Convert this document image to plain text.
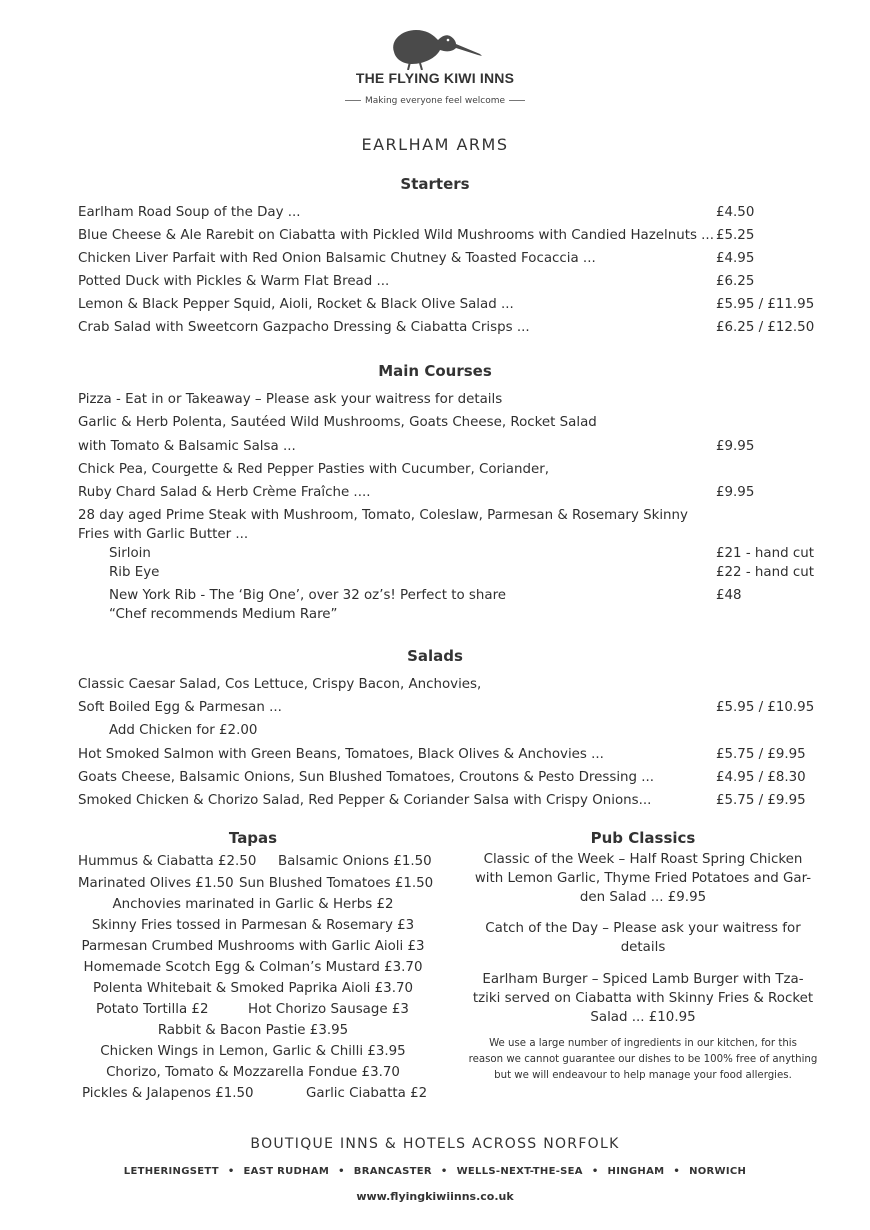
THE FLYING KIWI INNS
Making everyone feel welcome
EARLHAM ARMS
Starters
Earlham Road Soup of the Day ...	£4.50
Blue Cheese & Ale Rarebit on Ciabatta with Pickled Wild Mushrooms with Candied Hazelnuts ... £5.25
Chicken Liver Parfait with Red Onion Balsamic Chutney & Toasted Focaccia ...	£4.95
Potted Duck with Pickles & Warm Flat Bread ...	£6.25
Lemon & Black Pepper Squid, Aioli, Rocket & Black Olive Salad ...	£5.95 / £11.95
Crab Salad with Sweetcorn Gazpacho Dressing & Ciabatta Crisps ...	£6.25 / £12.50
Main Courses
Pizza - Eat in or Takeaway – Please ask your waitress for details
Garlic & Herb Polenta, Sautéed Wild Mushrooms, Goats Cheese, Rocket Salad
with Tomato & Balsamic Salsa ...	£9.95
Chick Pea, Courgette & Red Pepper Pasties with Cucumber, Coriander,
Ruby Chard Salad & Herb Crème Fraîche ....	£9.95
28 day aged Prime Steak with Mushroom, Tomato, Coleslaw, Parmesan & Rosemary Skinny
Fries with Garlic Butter ...
Sirloin	£21 - hand cut
Rib Eye	£22 - hand cut
New York Rib - The ‘Big One’, over 32 oz’s! Perfect to share	£48
“Chef recommends Medium Rare”
Salads
Classic Caesar Salad, Cos Lettuce, Crispy Bacon, Anchovies,
Soft Boiled Egg & Parmesan ...	£5.95 / £10.95
Add Chicken for £2.00
Hot Smoked Salmon with Green Beans, Tomatoes, Black Olives & Anchovies ...	£5.75 / £9.95
Goats Cheese, Balsamic Onions, Sun Blushed Tomatoes, Croutons & Pesto Dressing ...	£4.95 / £8.30
Smoked Chicken & Chorizo Salad, Red Pepper & Coriander Salsa with Crispy Onions...	£5.75 / £9.95
Tapas
Hummus & Ciabatta £2.50 Balsamic Onions £1.50
Marinated Olives £1.50 Sun Blushed Tomatoes £1.50
Anchovies marinated in Garlic & Herbs £2
Skinny Fries tossed in Parmesan & Rosemary £3
Parmesan Crumbed Mushrooms with Garlic Aioli £3
Homemade Scotch Egg & Colman’s Mustard £3.70
Polenta Whitebait & Smoked Paprika Aioli £3.70
Potato Tortilla £2	Hot Chorizo Sausage £3
Rabbit & Bacon Pastie £3.95
Chicken Wings in Lemon, Garlic & Chilli £3.95
Chorizo, Tomato & Mozzarella Fondue £3.70
Pickles & Jalapenos £1.50	Garlic Ciabatta £2
Pub Classics
Classic of the Week – Half Roast Spring Chicken
with Lemon Garlic, Thyme Fried Potatoes and Gar-
den Salad ... £9.95
Catch of the Day – Please ask your waitress for
details
Earlham Burger – Spiced Lamb Burger with Tza-
tziki served on Ciabatta with Skinny Fries & Rocket
Salad ... £10.95
We use a large number of ingredients in our kitchen, for this
reason we cannot guarantee our dishes to be 100% free of anything
but we will endeavour to help manage your food allergies.
BOUTIQUE INNS & HOTELS ACROSS NORFOLK
LETHERINGSETT • EAST RUDHAM • BRANCASTER • WELLS-NEXT-THE-SEA • HINGHAM • NORWICH
www.flyingkiwiinns.co.uk
